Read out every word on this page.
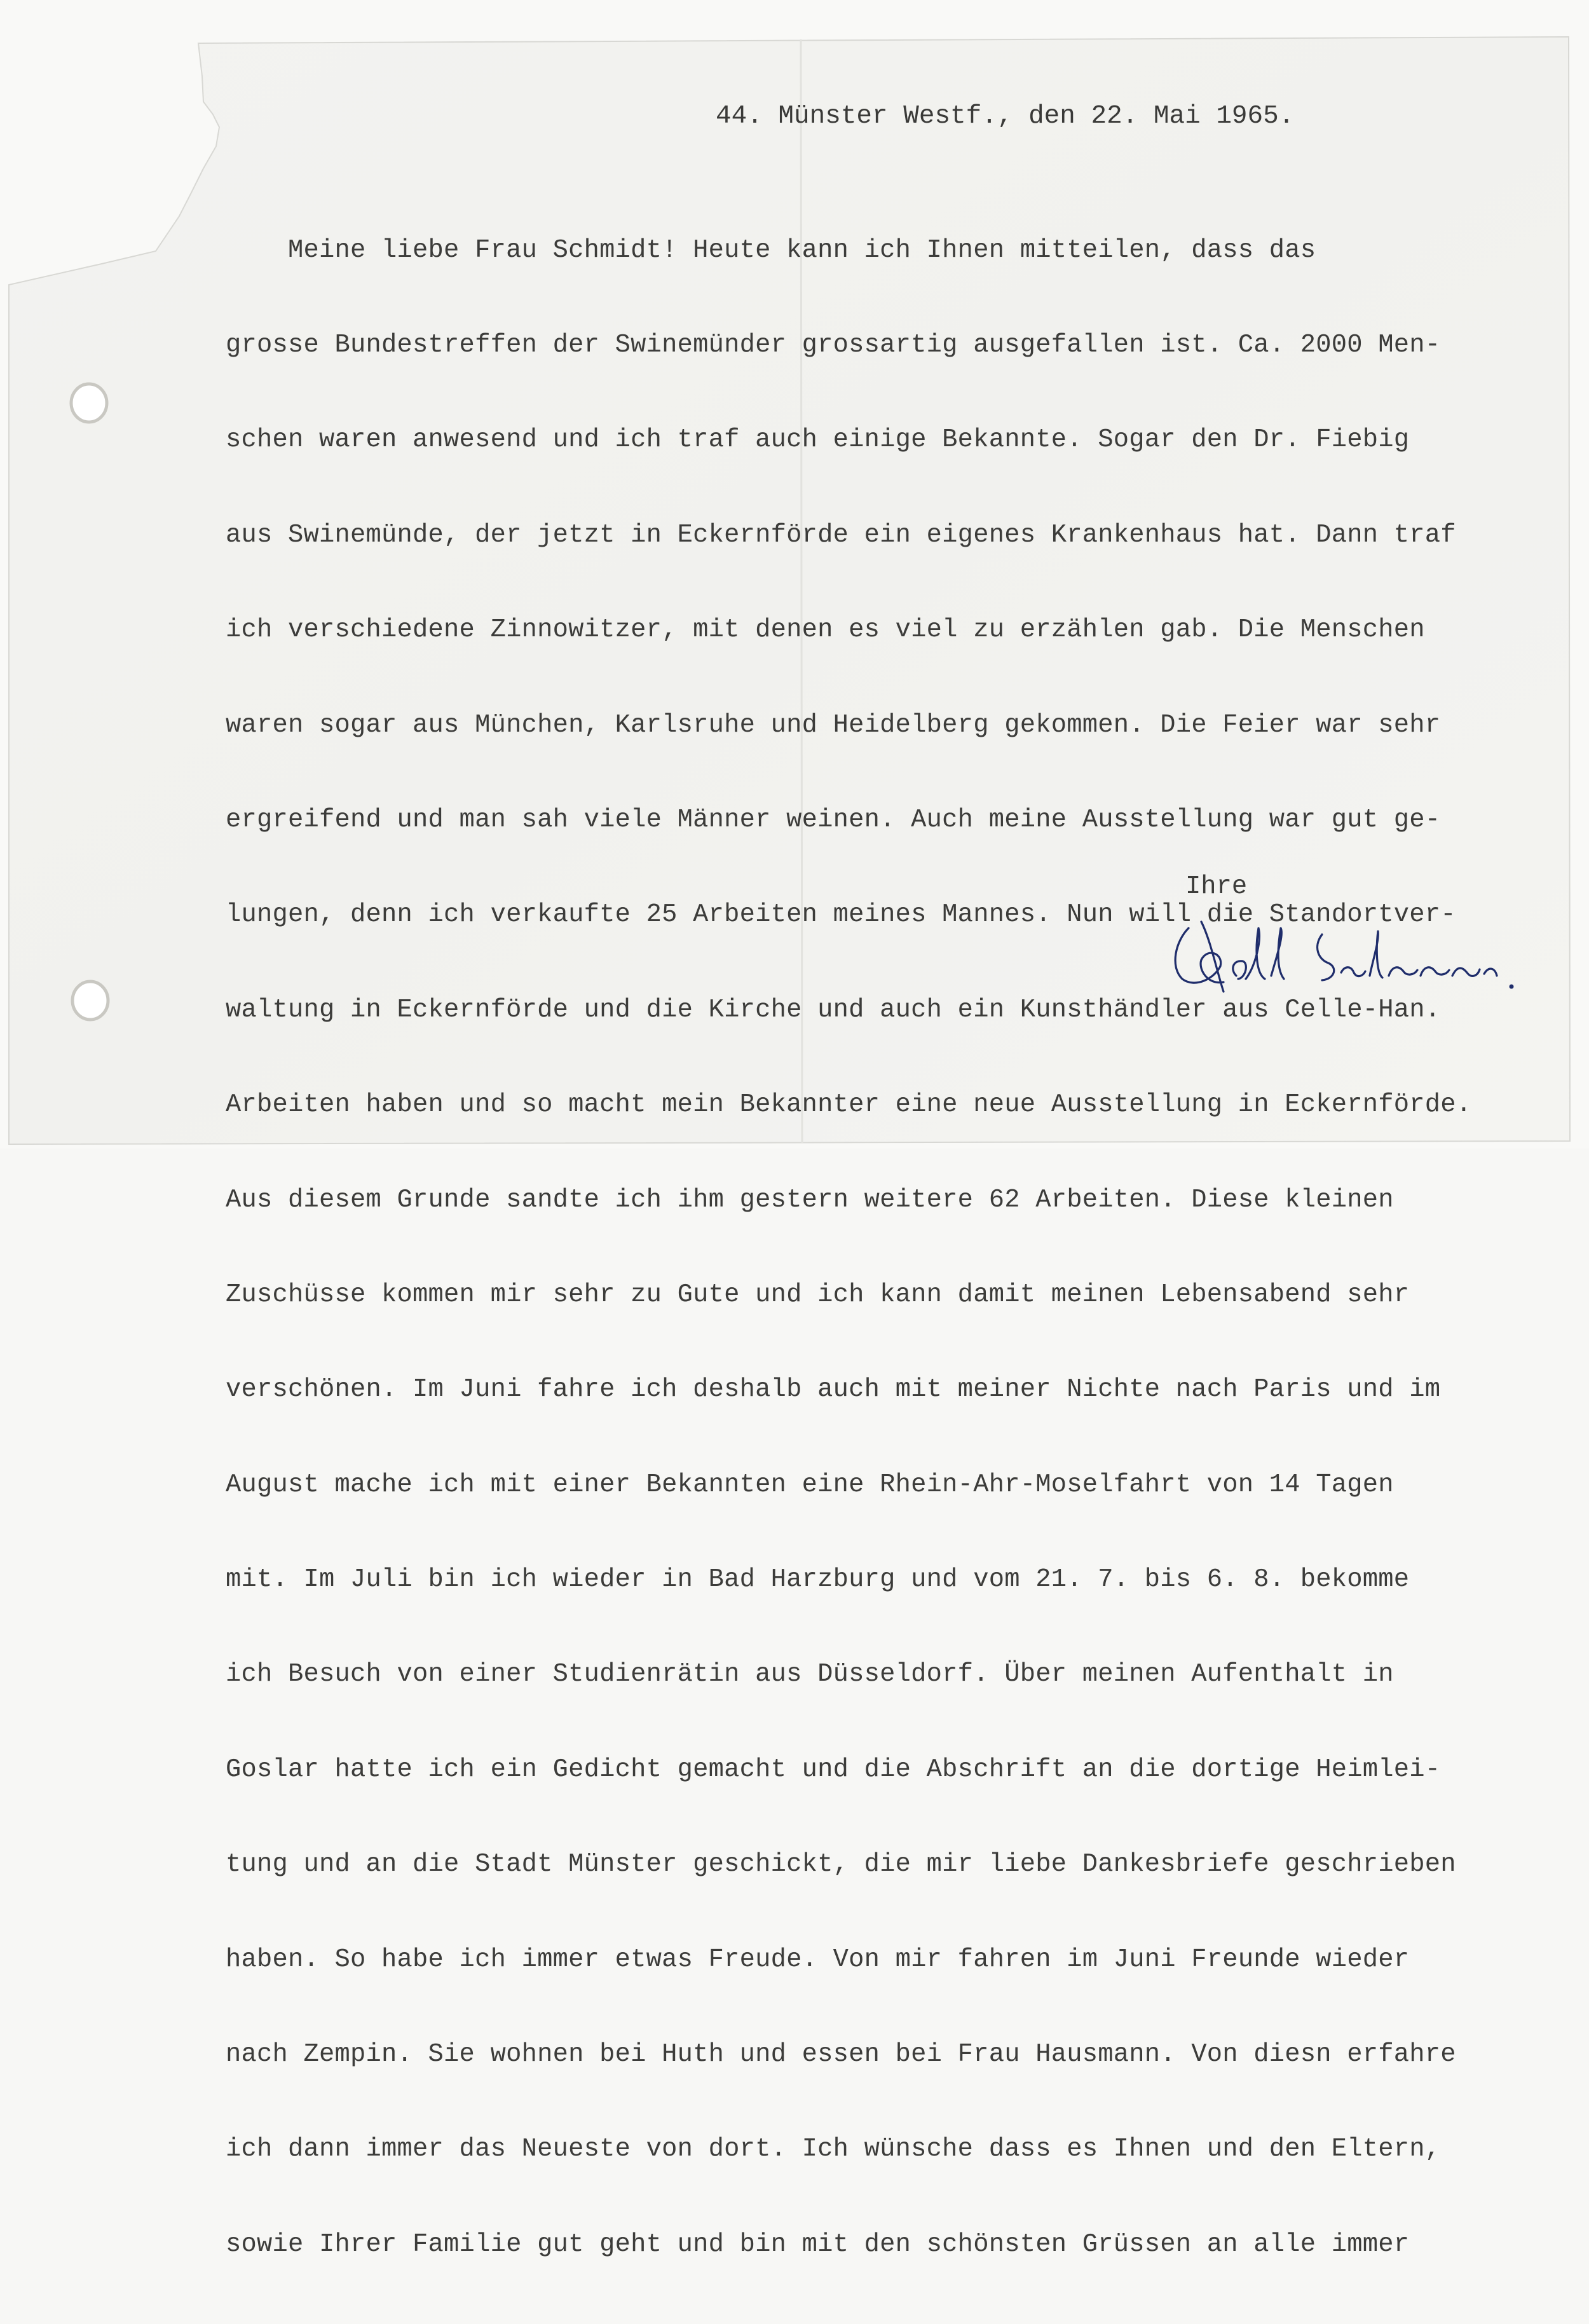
44. Münster Westf., den 22. Mai 1965.

Meine liebe Frau Schmidt! Heute kann ich Ihnen mitteilen, dass das

grosse Bundestreffen der Swinemünder grossartig ausgefallen ist. Ca. 2000 Men-

schen waren anwesend und ich traf auch einige Bekannte. Sogar den Dr. Fiebig

aus Swinemünde, der jetzt in Eckernförde ein eigenes Krankenhaus hat. Dann traf

ich verschiedene Zinnowitzer, mit denen es viel zu erzählen gab. Die Menschen

waren sogar aus München, Karlsruhe und Heidelberg gekommen. Die Feier war sehr

ergreifend und man sah viele Männer weinen. Auch meine Ausstellung war gut ge-

lungen, denn ich verkaufte 25 Arbeiten meines Mannes. Nun will die Standortver-

waltung in Eckernförde und die Kirche und auch ein Kunsthändler aus Celle-Han.

Arbeiten haben und so macht mein Bekannter eine neue Ausstellung in Eckernförde.

Aus diesem Grunde sandte ich ihm gestern weitere 62 Arbeiten. Diese kleinen

Zuschüsse kommen mir sehr zu Gute und ich kann damit meinen Lebensabend sehr

verschönen. Im Juni fahre ich deshalb auch mit meiner Nichte nach Paris und im

August mache ich mit einer Bekannten eine Rhein-Ahr-Moselfahrt von 14 Tagen

mit. Im Juli bin ich wieder in Bad Harzburg und vom 21. 7. bis 6. 8. bekomme

ich Besuch von einer Studienrätin aus Düsseldorf. Über meinen Aufenthalt in

Goslar hatte ich ein Gedicht gemacht und die Abschrift an die dortige Heimlei-

tung und an die Stadt Münster geschickt, die mir liebe Dankesbriefe geschrieben

haben. So habe ich immer etwas Freude. Von mir fahren im Juni Freunde wieder

nach Zempin. Sie wohnen bei Huth und essen bei Frau Hausmann. Von diesn erfahre

ich dann immer das Neueste von dort. Ich wünsche dass es Ihnen und den Eltern,

sowie Ihrer Familie gut geht und bin mit den schönsten Grüssen an alle immer

Ihre
